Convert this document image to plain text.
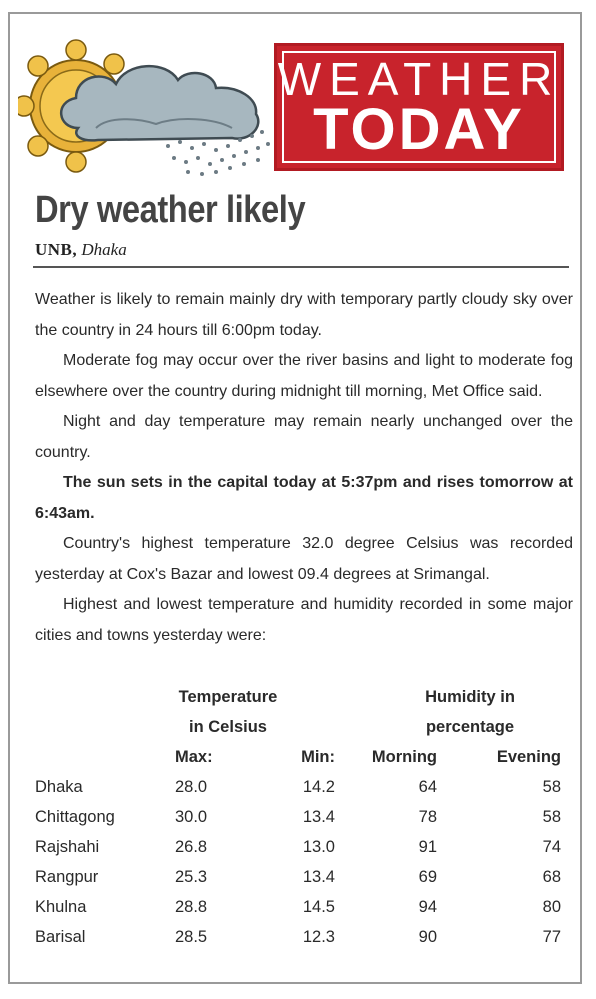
WEATHER
TODAY
Dry weather likely
UNB, Dhaka

Weather is likely to remain mainly dry with temporary partly cloudy sky over the country in 24 hours till 6:00pm today.

Moderate fog may occur over the river basins and light to moderate fog elsewhere over the country during midnight till morning, Met Office said.

Night and day temperature may remain nearly unchanged over the country.

The sun sets in the capital today at 5:37pm and rises tomorrow at 6:43am.

Country's highest temperature 32.0 degree Celsius was recorded yesterday at Cox's Bazar and lowest 09.4 degrees at Srimangal.

Highest and lowest temperature and humidity recorded in some major cities and towns yesterday were:

Temperature
in Celsius
Humidity in
percentage
Max:	Min:	Morning	Evening
Dhaka	28.0	14.2	64	58
Chittagong	30.0	13.4	78	58
Rajshahi	26.8	13.0	91	74
Rangpur	25.3	13.4	69	68
Khulna	28.8	14.5	94	80
Barisal	28.5	12.3	90	77
